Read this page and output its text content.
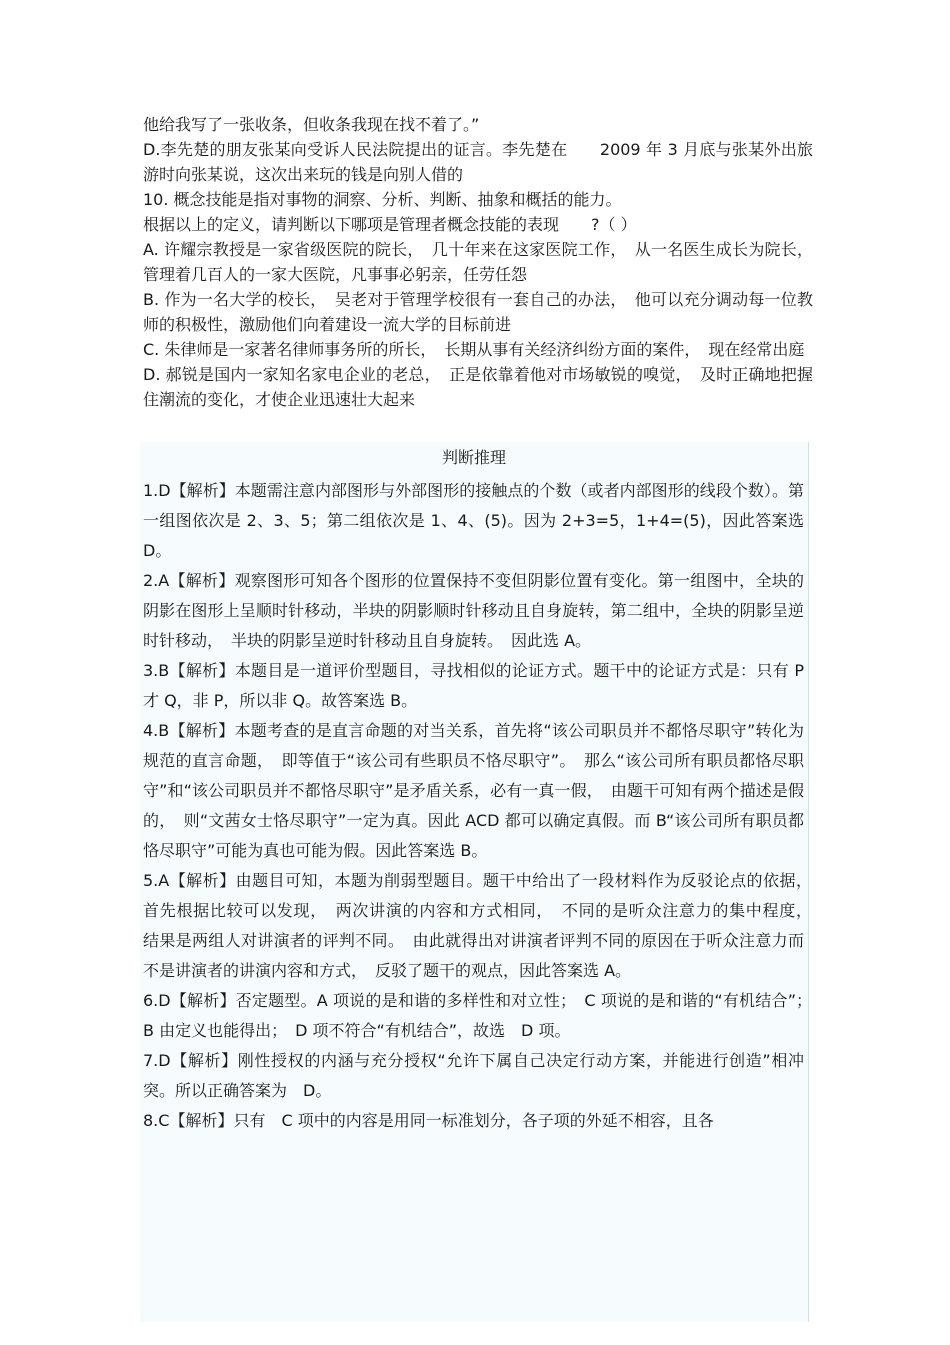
他给我写了一张收条，但收条我现在找不着了。”

D.李先楚的朋友张某向受诉人民法院提出的证言。李先楚在　　2009 年 3 月底与张某外出旅游时向张某说，这次出来玩的钱是向别人借的

10. 概念技能是指对事物的洞察、分析、判断、抽象和概括的能力。

根据以上的定义，请判断以下哪项是管理者概念技能的表现　　?（ ）

A. 许耀宗教授是一家省级医院的院长，　几十年来在这家医院工作，　从一名医生成长为院长，管理着几百人的一家大医院，凡事事必躬亲，任劳任怨

B. 作为一名大学的校长，　吴老对于管理学校很有一套自己的办法，　他可以充分调动每一位教师的积极性，激励他们向着建设一流大学的目标前进

C. 朱律师是一家著名律师事务所的所长，　长期从事有关经济纠纷方面的案件，　现在经常出庭

D. 郝锐是国内一家知名家电企业的老总，　正是依靠着他对市场敏锐的嗅觉，　及时正确地把握住潮流的变化，才使企业迅速壮大起来

判断推理

1.D【解析】本题需注意内部图形与外部图形的接触点的个数（或者内部图形的线段个数）。第一组图依次是 2、3、5；第二组依次是 1、4、(5)。因为 2+3=5，1+4=(5)，因此答案选 D。

2.A【解析】观察图形可知各个图形的位置保持不变但阴影位置有变化。第一组图中，全块的阴影在图形上呈顺时针移动，半块的阴影顺时针移动且自身旋转，第二组中，全块的阴影呈逆时针移动，　半块的阴影呈逆时针移动且自身旋转。　因此选 A。

3.B【解析】本题目是一道评价型题目，寻找相似的论证方式。题干中的论证方式是：只有 P 才 Q，非 P，所以非 Q。故答案选 B。

4.B【解析】本题考查的是直言命题的对当关系，首先将“该公司职员并不都恪尽职守”转化为规范的直言命题，　即等值于“该公司有些职员不恪尽职守”。　那么“该公司所有职员都恪尽职守”和“该公司职员并不都恪尽职守”是矛盾关系，必有一真一假，　由题干可知有两个描述是假的，　则“文茜女士恪尽职守”一定为真。因此 ACD 都可以确定真假。而 B“该公司所有职员都恪尽职守”可能为真也可能为假。因此答案选 B。

5.A【解析】由题目可知，本题为削弱型题目。题干中给出了一段材料作为反驳论点的依据，　首先根据比较可以发现，　两次讲演的内容和方式相同，　不同的是听众注意力的集中程度，　结果是两组人对讲演者的评判不同。　由此就得出对讲演者评判不同的原因在于听众注意力而不是讲演者的讲演内容和方式，　反驳了题干的观点，因此答案选 A。

6.D【解析】否定题型。A 项说的是和谐的多样性和对立性；　C 项说的是和谐的“有机结合”；　B 由定义也能得出；　D 项不符合“有机结合”，故选　D 项。

7.D【解析】刚性授权的内涵与充分授权“允许下属自己决定行动方案，并能进行创造”相冲突。所以正确答案为　D。

8.C【解析】只有　C 项中的内容是用同一标准划分，各子项的外延不相容，且各
